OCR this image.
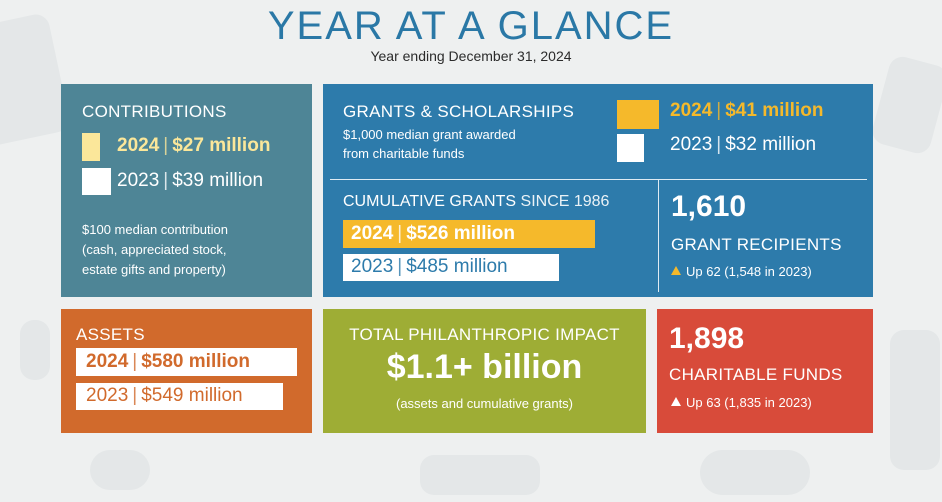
YEAR AT A GLANCE
Year ending December 31, 2024
CONTRIBUTIONS
2024 | $27 million
2023 | $39 million
$100 median contribution
(cash, appreciated stock,
estate gifts and property)
GRANTS & SCHOLARSHIPS
$1,000 median grant awarded
from charitable funds
2024 | $41 million
2023 | $32 million
CUMULATIVE GRANTS SINCE 1986
2024 | $526 million
2023 | $485 million
1,610
GRANT RECIPIENTS
Up 62 (1,548 in 2023)
ASSETS
2024 | $580 million
2023 | $549 million
TOTAL PHILANTHROPIC IMPACT
$1.1+ billion
(assets and cumulative grants)
1,898
CHARITABLE FUNDS
Up 63 (1,835 in 2023)
